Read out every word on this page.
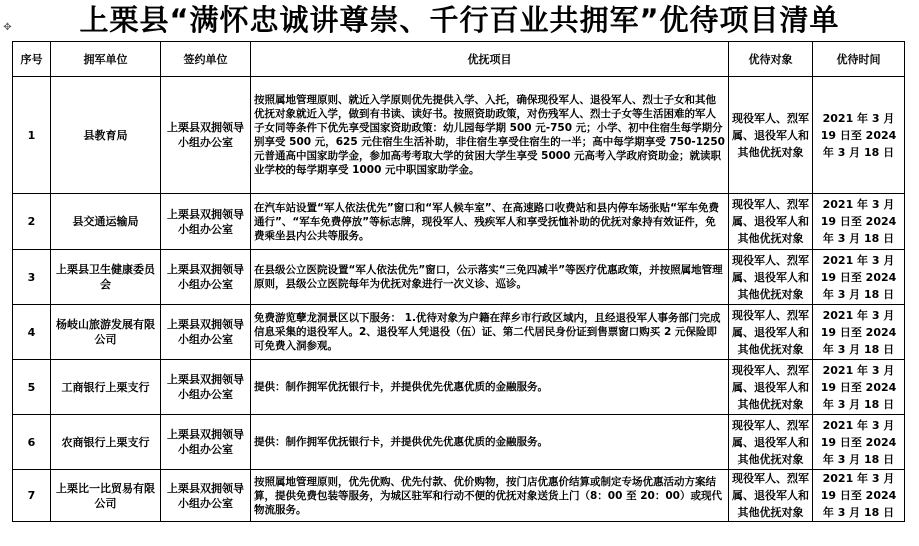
上栗县“满怀忠诚讲尊崇、千行百业共拥军”优待项目清单
✥
序号	拥军单位	签约单位	优抚项目	优待对象	优待时间
1	县教育局	上栗县双拥领导小组办公室	按照属地管理原则、就近入学原则优先提供入学、入托，确保现役军人、退役军人、烈士子女和其他优抚对象就近入学，做到有书读、读好书。按照资助政策，对伤残军人、烈士子女等生活困难的军人子女同等条件下优先享受国家资助政策：幼儿园每学期 500 元-750 元；小学、初中住宿生每学期分别享受 500 元，625 元住宿生生活补助，非住宿生享受住宿生的一半；高中每学期享受 750-1250 元普通高中国家助学金，参加高考考取大学的贫困大学生享受 5000 元高考入学政府资助金；就读职业学校的每学期享受 1000 元中职国家助学金。	现役军人、烈军属、退役军人和其他优抚对象	2021 年 3 月 19 日至 2024 年 3 月 18 日
2	县交通运输局	上栗县双拥领导小组办公室	在汽车站设置“军人依法优先”窗口和“军人候车室”、在高速路口收费站和县内停车场张贴“军车免费通行”、“军车免费停放”等标志牌，现役军人、残疾军人和享受抚恤补助的优抚对象持有效证件，免费乘坐县内公共等服务。	现役军人、烈军属、退役军人和其他优抚对象	2021 年 3 月 19 日至 2024 年 3 月 18 日
3	上栗县卫生健康委员会	上栗县双拥领导小组办公室	在县级公立医院设置“军人依法优先”窗口，公示落实“三免四减半”等医疗优惠政策，并按照属地管理原则，县级公立医院每年为优抚对象进行一次义诊、巡诊。	现役军人、烈军属、退役军人和其他优抚对象	2021 年 3 月 19 日至 2024 年 3 月 18 日
4	杨岐山旅游发展有限公司	上栗县双拥领导小组办公室	免费游览孽龙洞景区以下服务： 1.优待对象为户籍在萍乡市行政区域内，且经退役军人事务部门完成信息采集的退役军人。2、退役军人凭退役（伍）证、第二代居民身份证到售票窗口购买 2 元保险即可免费入洞参观。	现役军人、烈军属、退役军人和其他优抚对象	2021 年 3 月 19 日至 2024 年 3 月 18 日
5	工商银行上栗支行	上栗县双拥领导小组办公室	提供：制作拥军优抚银行卡，并提供优先优惠优质的金融服务。	现役军人、烈军属、退役军人和其他优抚对象	2021 年 3 月 19 日至 2024 年 3 月 18 日
6	农商银行上栗支行	上栗县双拥领导小组办公室	提供：制作拥军优抚银行卡，并提供优先优惠优质的金融服务。	现役军人、烈军属、退役军人和其他优抚对象	2021 年 3 月 19 日至 2024 年 3 月 18 日
7	上栗比一比贸易有限公司	上栗县双拥领导小组办公室	按照属地管理原则，优先优购、优先付款、优价购物，按门店优惠价结算或制定专场优惠活动方案结算，提供免费包装等服务，为城区驻军和行动不便的优抚对象送货上门（8：00 至 20：00）或现代物流服务。	现役军人、烈军属、退役军人和其他优抚对象	2021 年 3 月 19 日至 2024 年 3 月 18 日
